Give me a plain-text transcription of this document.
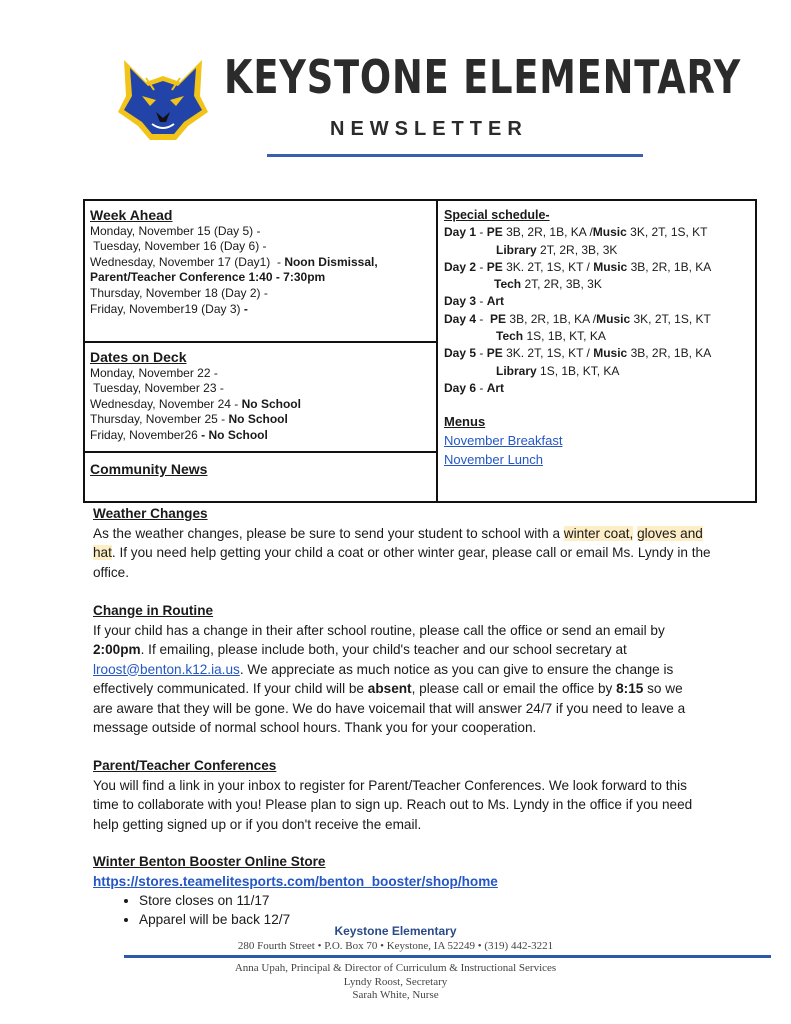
KEYSTONE ELEMENTARY
NEWSLETTER
Week Ahead
Monday, November 15 (Day 5) -
Tuesday, November 16 (Day 6) -
Wednesday, November 17 (Day1)  - Noon Dismissal,
Parent/Teacher Conference 1:40 - 7:30pm
Thursday, November 18 (Day 2) -
Friday, November19 (Day 3) -
Dates on Deck
Monday, November 22 -
Tuesday, November 23 -
Wednesday, November 24 - No School
Thursday, November 25 - No School
Friday, November26 - No School
Community News
Special schedule-
Day 1 - PE 3B, 2R, 1B, KA /Music 3K, 2T, 1S, KT
Library 2T, 2R, 3B, 3K
Day 2 - PE 3K. 2T, 1S, KT / Music 3B, 2R, 1B, KA
Tech 2T, 2R, 3B, 3K
Day 3 - Art
Day 4 -  PE 3B, 2R, 1B, KA /Music 3K, 2T, 1S, KT
Tech 1S, 1B, KT, KA
Day 5 - PE 3K. 2T, 1S, KT / Music 3B, 2R, 1B, KA
Library 1S, 1B, KT, KA
Day 6 - Art
Menus
November Breakfast
November Lunch
Weather Changes
As the weather changes, please be sure to send your student to school with a winter coat, gloves and hat. If you need help getting your child a coat or other winter gear, please call or email Ms. Lyndy in the office.
Change in Routine
If your child has a change in their after school routine, please call the office or send an email by 2:00pm. If emailing, please include both, your child's teacher and our school secretary at lroost@benton.k12.ia.us. We appreciate as much notice as you can give to ensure the change is effectively communicated. If your child will be absent, please call or email the office by 8:15 so we are aware that they will be gone. We do have voicemail that will answer 24/7 if you need to leave a message outside of normal school hours. Thank you for your cooperation.
Parent/Teacher Conferences
You will find a link in your inbox to register for Parent/Teacher Conferences. We look forward to this time to collaborate with you! Please plan to sign up. Reach out to Ms. Lyndy in the office if you need help getting signed up or if you don't receive the email.
Winter Benton Booster Online Store
https://stores.teamelitesports.com/benton_booster/shop/home
• Store closes on 11/17
• Apparel will be back 12/7
Keystone Elementary
280 Fourth Street • P.O. Box 70 • Keystone, IA 52249 • (319) 442-3221
Anna Upah, Principal & Director of Curriculum & Instructional Services
Lyndy Roost, Secretary
Sarah White, Nurse
